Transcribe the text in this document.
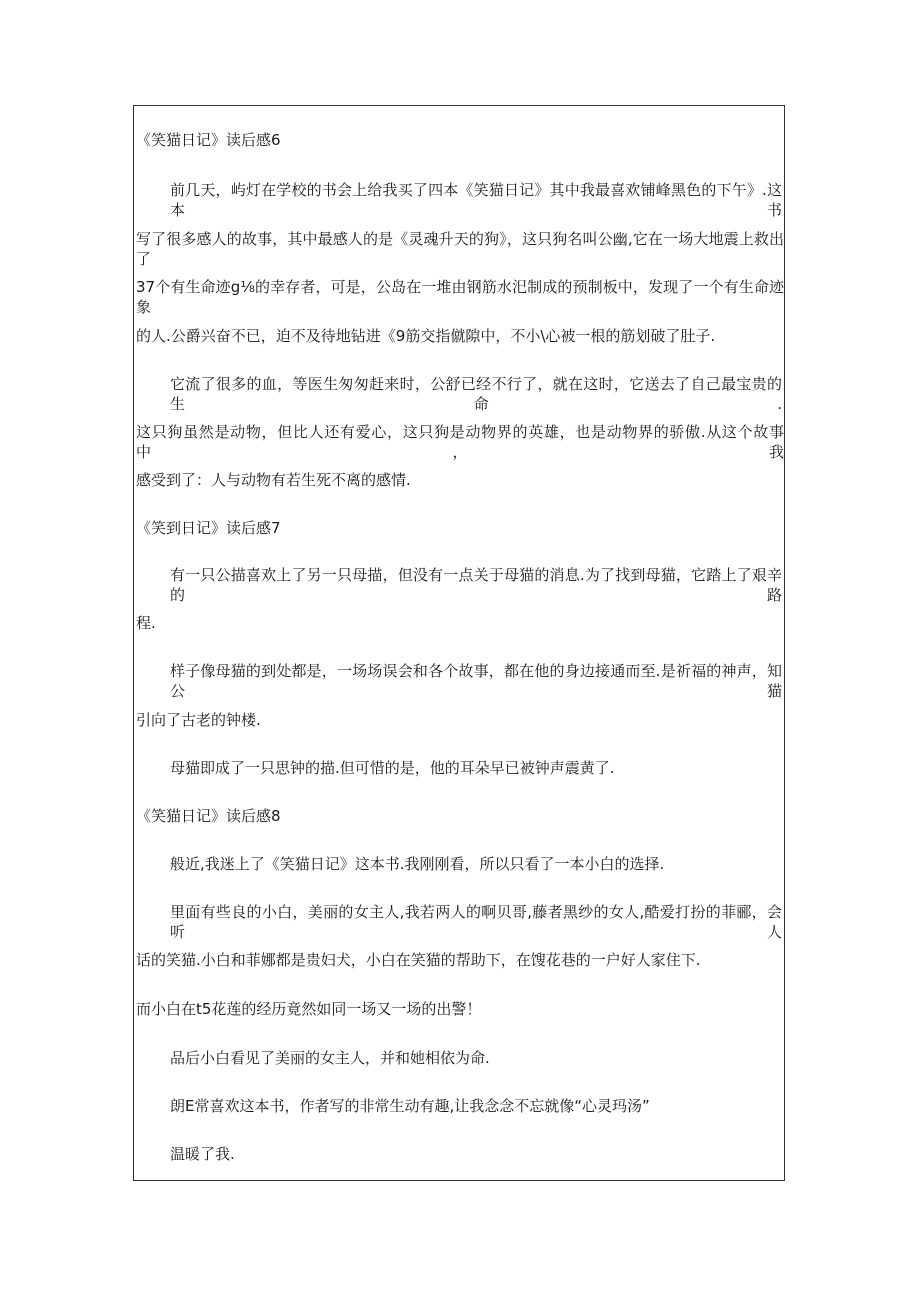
《笑猫日记》读后感6
前几天，屿灯在学校的书会上给我买了四本《笑猫日记》其中我最喜欢铺峰黑色的下午》.这本书
写了很多感人的故事，其中最感人的是《灵魂升天的狗》，这只狗名叫公幽,它在一场大地震上救出了
37个有生命迹g⅛的幸存者，可是，公岛在一堆由钢筋水汜制成的预制板中，发现了一个有生命迹象
的人.公爵兴奋不已，迫不及待地钻进《9筋交指僦隙中，不小\心被一根的筋划破了肚子.
它流了很多的血，等医生匆匆赶来时，公舒已经不行了，就在这时，它送去了自己最宝贵的生命.
这只狗虽然是动物，但比人还有爱心，这只狗是动物界的英雄，也是动物界的骄傲.从这个故事中，我
感受到了：人与动物有若生死不离的感情.
《笑到日记》读后感7
有一只公描喜欢上了另一只母描，但没有一点关于母猫的消息.为了找到母猫，它踏上了艰辛的路
程.
样子像母猫的到处都是，一场场误会和各个故事，都在他的身边接通而至.是祈福的神声，知公猫
引向了古老的钟楼.
母猫即成了一只思钟的描.但可惜的是，他的耳朵早已被钟声震黄了.
《笑猫日记》读后感8
般近,我迷上了《笑猫日记》这本书.我刚刚看，所以只看了一本小白的选择.
里面有些良的小白，美丽的女主人,我若两人的啊贝哥,藤者黑纱的女人,酷爱打扮的菲郦，会听人
话的笑猫.小白和菲娜都是贵妇犬，小白在笑猫的帮助下，在馊花巷的一户好人家住下.
而小白在t5花莲的经历竟然如同一场又一场的出警！
品后小白看见了美丽的女主人，并和她相依为命.
朗E常喜欢这本书，作者写的非常生动有趣,让我念念不忘就像“心灵玛汤”
温暖了我.
